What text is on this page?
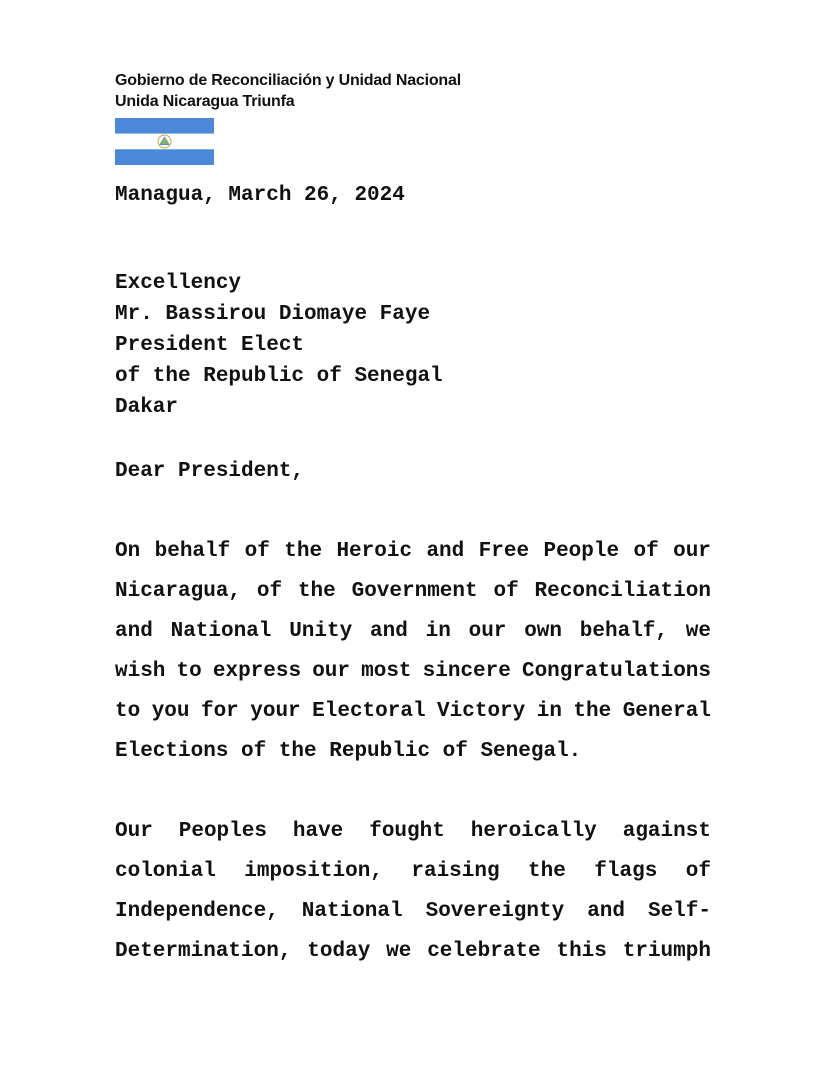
Gobierno de Reconciliación y Unidad Nacional
Unida Nicaragua Triunfa
Managua, March 26, 2024
Excellency
Mr. Bassirou Diomaye Faye
President Elect
of the Republic of Senegal
Dakar
Dear President,
On behalf of the Heroic and Free People of our
Nicaragua, of the Government of Reconciliation
and National Unity and in our own behalf, we
wish to express our most sincere Congratulations
to you for your Electoral Victory in the General
Elections of the Republic of Senegal.
Our Peoples have fought heroically against
colonial imposition, raising the flags of
Independence, National Sovereignty and Self-
Determination, today we celebrate this triumph
